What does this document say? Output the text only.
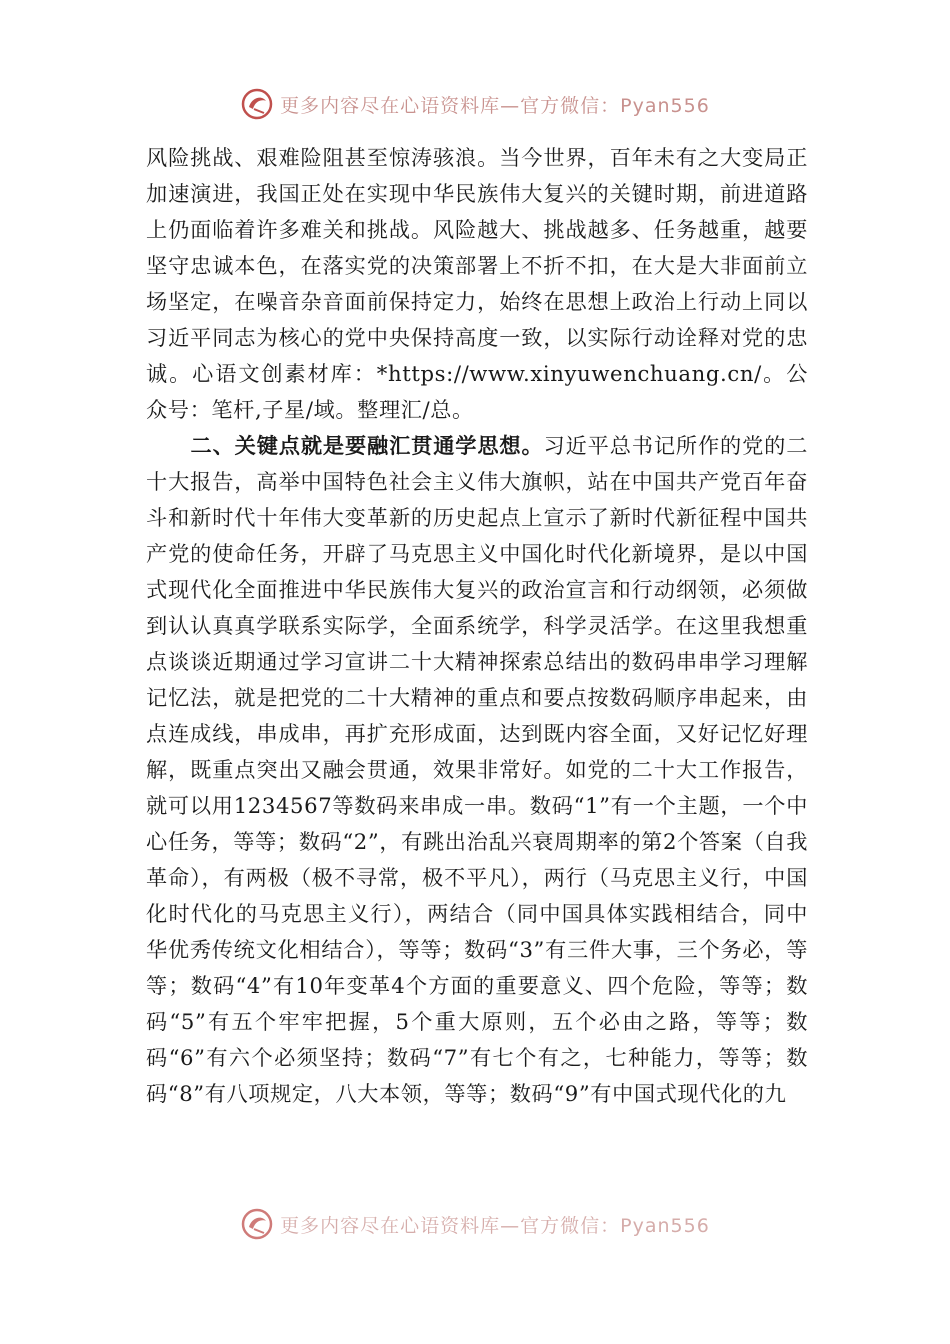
更多内容尽在心语资料库—官方微信：Pyan556

风险挑战、艰难险阻甚至惊涛骇浪。当今世界，百年未有之大变局正加速演进，我国正处在实现中华民族伟大复兴的关键时期，前进道路上仍面临着许多难关和挑战。风险越大、挑战越多、任务越重，越要坚守忠诚本色，在落实党的决策部署上不折不扣，在大是大非面前立场坚定，在噪音杂音面前保持定力，始终在思想上政治上行动上同以习近平同志为核心的党中央保持高度一致，以实际行动诠释对党的忠诚。心语文创素材库：*https://www.xinyuwenchuang.cn/。公众号：笔杆,子星/域。整理汇/总。

二、关键点就是要融汇贯通学思想。习近平总书记所作的党的二十大报告，高举中国特色社会主义伟大旗帜，站在中国共产党百年奋斗和新时代十年伟大变革新的历史起点上宣示了新时代新征程中国共产党的使命任务，开辟了马克思主义中国化时代化新境界，是以中国式现代化全面推进中华民族伟大复兴的政治宣言和行动纲领，必须做到认认真真学联系实际学，全面系统学，科学灵活学。在这里我想重点谈谈近期通过学习宣讲二十大精神探索总结出的数码串串学习理解记忆法，就是把党的二十大精神的重点和要点按数码顺序串起来，由点连成线，串成串，再扩充形成面，达到既内容全面，又好记忆好理解，既重点突出又融会贯通，效果非常好。如党的二十大工作报告，就可以用1234567等数码来串成一串。数码“1”有一个主题，一个中心任务，等等；数码“2”，有跳出治乱兴衰周期率的第2个答案（自我革命），有两极（极不寻常，极不平凡），两行（马克思主义行，中国化时代化的马克思主义行），两结合（同中国具体实践相结合，同中华优秀传统文化相结合），等等；数码“3”有三件大事，三个务必，等等；数码“4”有10年变革4个方面的重要意义、四个危险，等等；数码“5”有五个牢牢把握，5个重大原则，五个必由之路，等等；数码“6”有六个必须坚持；数码“7”有七个有之，七种能力，等等；数码“8”有八项规定，八大本领，等等；数码“9”有中国式现代化的九

更多内容尽在心语资料库—官方微信：Pyan556
